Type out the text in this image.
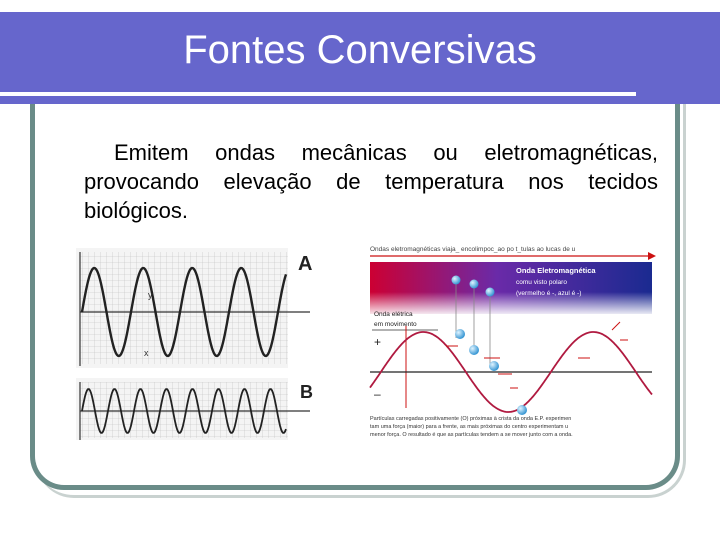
Fontes Conversivas
Emitem ondas mecânicas ou eletromagnéticas, provocando elevação de temperatura nos tecidos biológicos.
y
x
A
B
Ondas eletromagnéticas viaja_ encolimpoc_ao po t_tulas ao lucas de u
Onda Eletromagnética
comu visto polaro
(vermelho é -, azul é -)
Onda elétrica
em movimento
+
–
Partículas carregadas positivamente (O) próximas à crista da onda E.P. experimen
tam uma força (maior) para a frente, as mais próximas do centro experimentam u
menor força. O resultado é que as partículas tendem a se mover junto com a onda.
